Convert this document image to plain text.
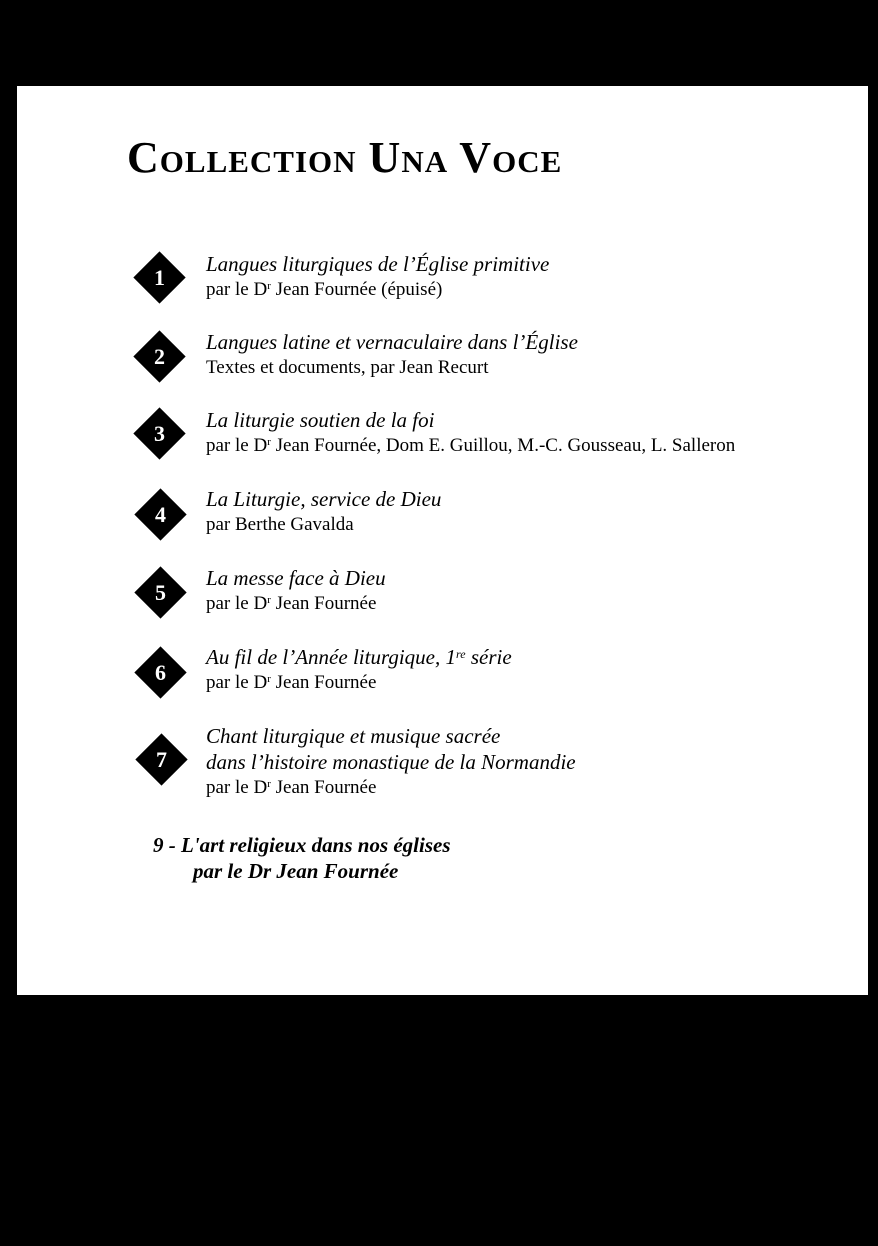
Collection Una Voce
1
Langues liturgiques de l’Église primitive
par le $D^r$ Jean Fournée (épuisé)
2
Langues latine et vernaculaire dans l’Église
Textes et documents, par Jean Recurt
3
La liturgie soutien de la foi
par le $D^r$ Jean Fournée, Dom E. Guillou, M.-C. Gousseau, L. Salleron
4
La Liturgie, service de Dieu
par Berthe Gavalda
5
La messe face à Dieu
par le $D^r$ Jean Fournée
6
Au fil de l’Année liturgique, 1re série
par le $D^r$ Jean Fournée
7
Chant liturgique et musique sacrée
dans l’histoire monastique de la Normandie
par le $D^r$ Jean Fournée
9 - L'art religieux dans nos églises
par le Dr Jean Fournée
